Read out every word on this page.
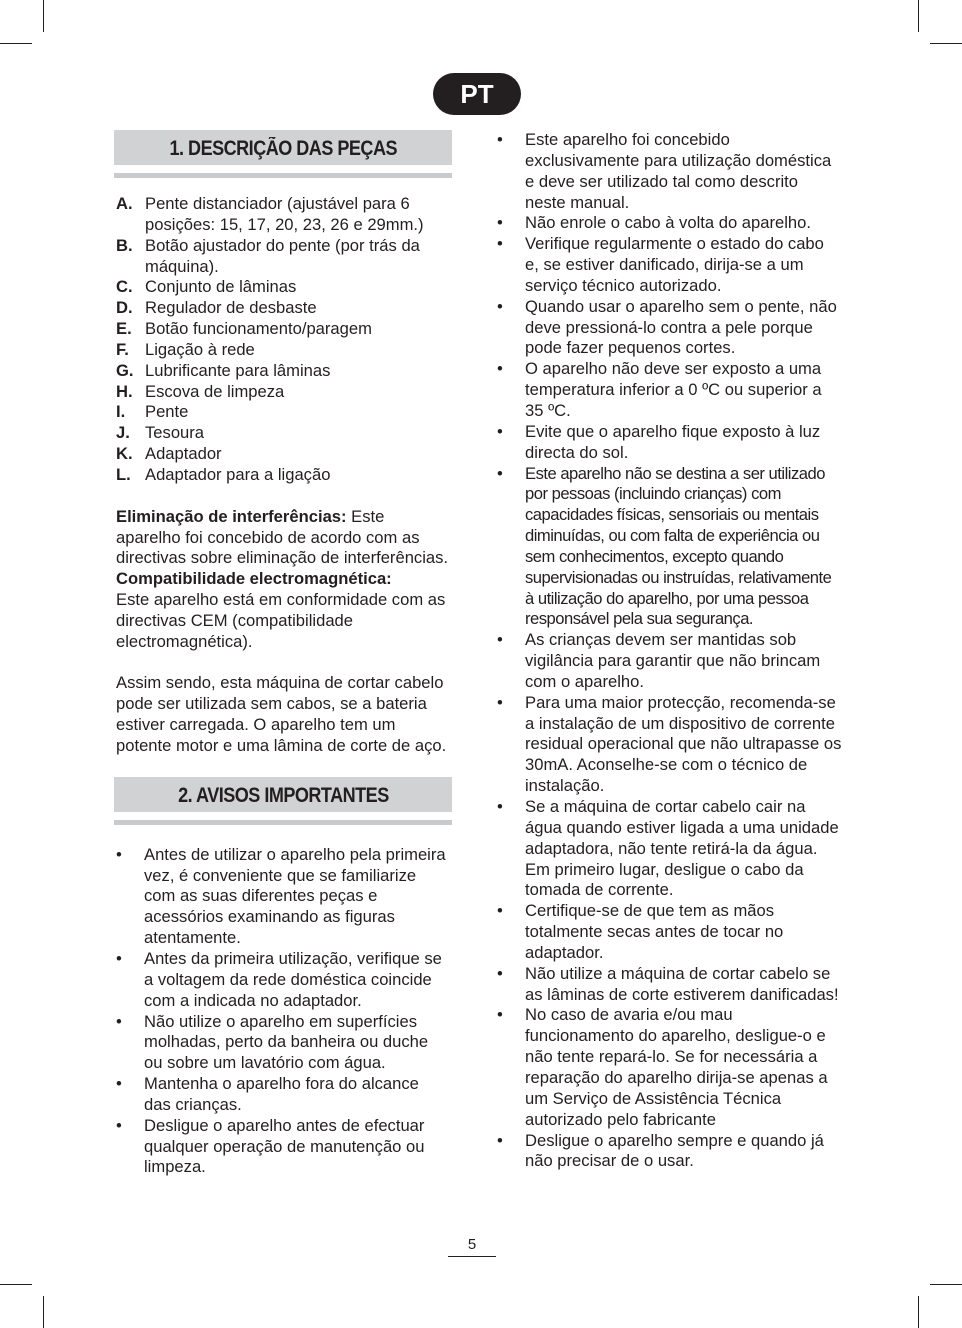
PT
1. DESCRIÇÃO DAS PEÇAS
A. Pente distanciador (ajustável para 6 posições: 15, 17, 20, 23, 26 e 29mm.)
B. Botão ajustador do pente (por trás da máquina).
C. Conjunto de lâminas
D. Regulador de desbaste
E. Botão funcionamento/paragem
F. Ligação à rede
G. Lubrificante para lâminas
H. Escova de limpeza
I. Pente
J. Tesoura
K. Adaptador
L. Adaptador para a ligação

Eliminação de interferências: Este aparelho foi concebido de acordo com as directivas sobre eliminação de interferências.

Compatibilidade electromagnética:

Este aparelho está em conformidade com as directivas CEM (compatibilidade electromagnética).

Assim sendo, esta máquina de cortar cabelo pode ser utilizada sem cabos, se a bateria estiver carregada. O aparelho tem um potente motor e uma lâmina de corte de aço.

2. AVISOS IMPORTANTES
• Antes de utilizar o aparelho pela primeira vez, é conveniente que se familiarize com as suas diferentes peças e acessórios examinando as figuras atentamente.
• Antes da primeira utilização, verifique se a voltagem da rede doméstica coincide com a indicada no adaptador.
• Não utilize o aparelho em superfícies molhadas, perto da banheira ou duche ou sobre um lavatório com água.
• Mantenha o aparelho fora do alcance das crianças.
• Desligue o aparelho antes de efectuar qualquer operação de manutenção ou limpeza.
• Este aparelho foi concebido exclusivamente para utilização doméstica e deve ser utilizado tal como descrito neste manual.
• Não enrole o cabo à volta do aparelho.
• Verifique regularmente o estado do cabo e, se estiver danificado, dirija-se a um serviço técnico autorizado.
• Quando usar o aparelho sem o pente, não deve pressioná-lo contra a pele porque pode fazer pequenos cortes.
• O aparelho não deve ser exposto a uma temperatura inferior a 0 ºC ou superior a 35 ºC.
• Evite que o aparelho fique exposto à luz directa do sol.
• Este aparelho não se destina a ser utilizado por pessoas (incluindo crianças) com capacidades físicas, sensoriais ou mentais diminuídas, ou com falta de experiência ou sem conhecimentos, excepto quando supervisionadas ou instruídas, relativamente à utilização do aparelho, por uma pessoa responsável pela sua segurança.
• As crianças devem ser mantidas sob vigilância para garantir que não brincam com o aparelho.
• Para uma maior protecção, recomenda-se a instalação de um dispositivo de corrente residual operacional que não ultrapasse os 30mA. Aconselhe-se com o técnico de instalação.
• Se a máquina de cortar cabelo cair na água quando estiver ligada a uma unidade adaptadora, não tente retirá-la da água. Em primeiro lugar, desligue o cabo da tomada de corrente.
• Certifique-se de que tem as mãos totalmente secas antes de tocar no adaptador.
• Não utilize a máquina de cortar cabelo se as lâminas de corte estiverem danificadas!
• No caso de avaria e/ou mau funcionamento do aparelho, desligue-o e não tente repará-lo. Se for necessária a reparação do aparelho dirija-se apenas a um Serviço de Assistência Técnica autorizado pelo fabricante
• Desligue o aparelho sempre e quando já não precisar de o usar.
5
